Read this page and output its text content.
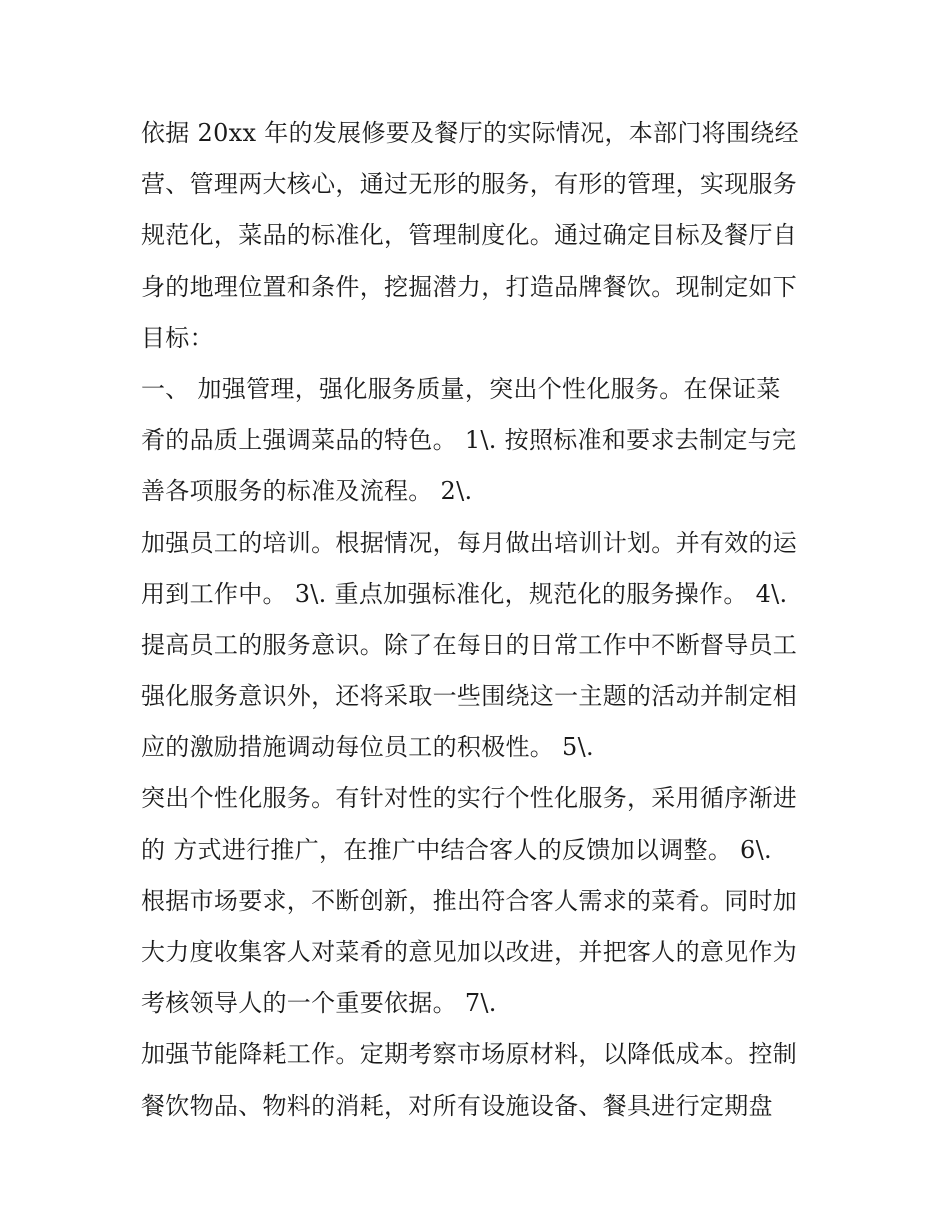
依据 20xx 年的发展修要及餐厅的实际情况，本部门将围绕经
营、管理两大核心，通过无形的服务，有形的管理，实现服务
规范化，菜品的标准化，管理制度化。通过确定目标及餐厅自
身的地理位置和条件，挖掘潜力，打造品牌餐饮。现制定如下
目标：
一、 加强管理，强化服务质量，突出个性化服务。在保证菜
肴的品质上强调菜品的特色。 1\. 按照标准和要求去制定与完
善各项服务的标准及流程。 2\.
加强员工的培训。根据情况，每月做出培训计划。并有效的运
用到工作中。 3\. 重点加强标准化，规范化的服务操作。 4\.
提高员工的服务意识。除了在每日的日常工作中不断督导员工
强化服务意识外，还将采取一些围绕这一主题的活动并制定相
应的激励措施调动每位员工的积极性。 5\.
突出个性化服务。有针对性的实行个性化服务，采用循序渐进
的 方式进行推广，在推广中结合客人的反馈加以调整。 6\.
根据市场要求，不断创新，推出符合客人需求的菜肴。同时加
大力度收集客人对菜肴的意见加以改进，并把客人的意见作为
考核领导人的一个重要依据。 7\.
加强节能降耗工作。定期考察市场原材料，以降低成本。控制
餐饮物品、物料的消耗，对所有设施设备、餐具进行定期盘
